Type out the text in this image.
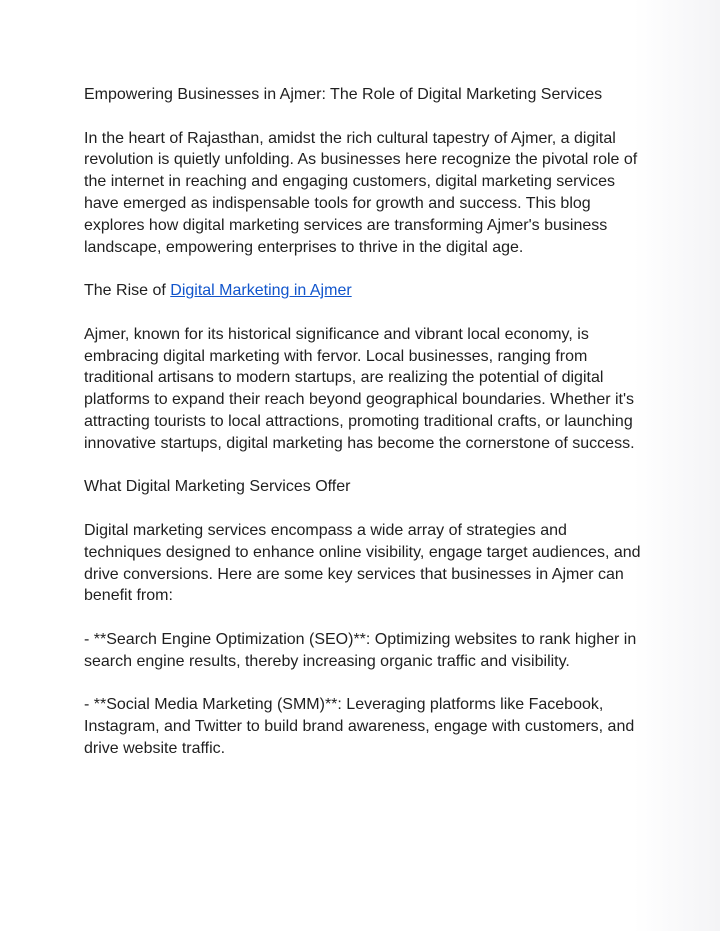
Empowering Businesses in Ajmer: The Role of Digital Marketing Services

In the heart of Rajasthan, amidst the rich cultural tapestry of Ajmer, a digital revolution is quietly unfolding. As businesses here recognize the pivotal role of the internet in reaching and engaging customers, digital marketing services have emerged as indispensable tools for growth and success. This blog explores how digital marketing services are transforming Ajmer's business landscape, empowering enterprises to thrive in the digital age.

The Rise of Digital Marketing in Ajmer

Ajmer, known for its historical significance and vibrant local economy, is embracing digital marketing with fervor. Local businesses, ranging from traditional artisans to modern startups, are realizing the potential of digital platforms to expand their reach beyond geographical boundaries. Whether it's attracting tourists to local attractions, promoting traditional crafts, or launching innovative startups, digital marketing has become the cornerstone of success.

What Digital Marketing Services Offer

Digital marketing services encompass a wide array of strategies and techniques designed to enhance online visibility, engage target audiences, and drive conversions. Here are some key services that businesses in Ajmer can benefit from:

- **Search Engine Optimization (SEO)**: Optimizing websites to rank higher in search engine results, thereby increasing organic traffic and visibility.

- **Social Media Marketing (SMM)**: Leveraging platforms like Facebook, Instagram, and Twitter to build brand awareness, engage with customers, and drive website traffic.
